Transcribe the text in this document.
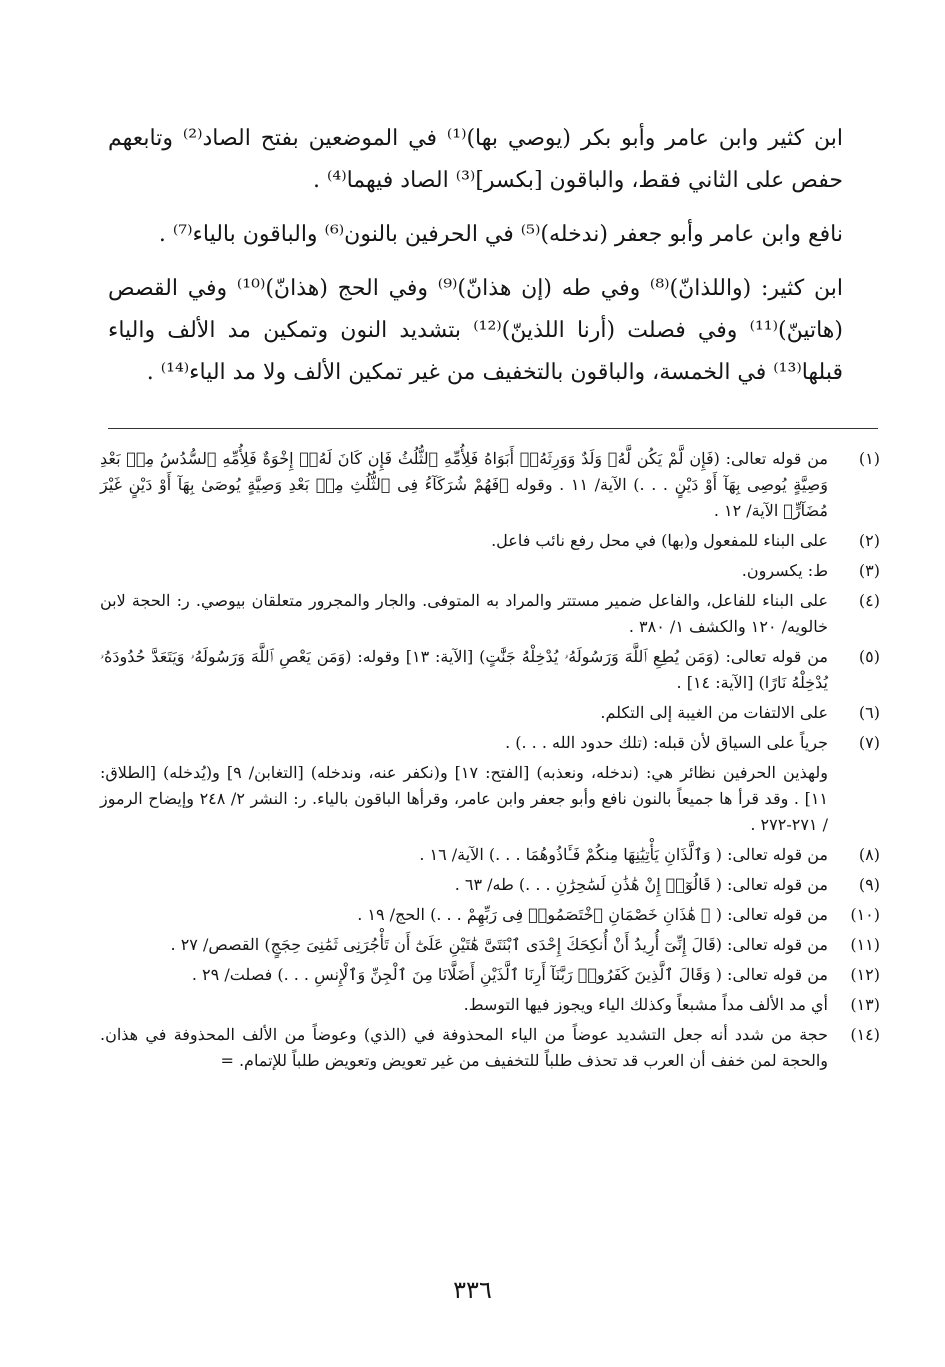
ابن كثير وابن عامر وأبو بكر (يوصي بها)⁽¹⁾ في الموضعين بفتح الصاد⁽²⁾ وتابعهم حفص على الثاني فقط، والباقون [بكسر]⁽³⁾ الصاد فيهما⁽⁴⁾ .

نافع وابن عامر وأبو جعفر (ندخله)⁽⁵⁾ في الحرفين بالنون⁽⁶⁾ والباقون بالياء⁽⁷⁾ .

ابن كثير: (واللذانّ)⁽⁸⁾ وفي طه (إن هذانّ)⁽⁹⁾ وفي الحج (هذانّ)⁽¹⁰⁾ وفي القصص (هاتينّ)⁽¹¹⁾ وفي فصلت (أرنا اللذينّ)⁽¹²⁾ بتشديد النون وتمكين مد الألف والياء قبلها⁽¹³⁾ في الخمسة، والباقون بالتخفيف من غير تمكين الألف ولا مد الياء⁽¹⁴⁾ .

(١)
من قوله تعالى: (فَإِن لَّمْ يَكُن لَّهُۥ وَلَدٌ وَوَرِثَهُۥٓ أَبَوَاهُ فَلِأُمِّهِ ٱلثُّلُثُ فَإِن كَانَ لَهُۥٓ إِخْوَةٌ فَلِأُمِّهِ ٱلسُّدُسُ مِنۢ بَعْدِ وَصِيَّةٍ يُوصِى بِهَآ أَوْ دَيْنٍ . . .) الآية/ ١١ . وقوله ﴿فَهُمْ شُرَكَآءُ فِى ٱلثُّلُثِ مِنۢ بَعْدِ وَصِيَّةٍ يُوصَىٰ بِهَآ أَوْ دَيْنٍ غَيْرَ مُضَآرٍّ﴾ الآية/ ١٢ .
(٢)
على البناء للمفعول و(بها) في محل رفع نائب فاعل.
(٣)
ط: يكسرون.
(٤)
على البناء للفاعل، والفاعل ضمير مستتر والمراد به المتوفى. والجار والمجرور متعلقان بيوصي. ر: الحجة لابن خالويه/ ١٢٠ والكشف ١/ ٣٨٠ .
(٥)
من قوله تعالى: (وَمَن يُطِعِ ٱللَّهَ وَرَسُولَهُۥ يُدْخِلْهُ جَنَّٰتٍ) [الآية: ١٣] وقوله: (وَمَن يَعْصِ ٱللَّهَ وَرَسُولَهُۥ وَيَتَعَدَّ حُدُودَهُۥ يُدْخِلْهُ نَارًا) [الآية: ١٤] .
(٦)
على الالتفات من الغيبة إلى التكلم.
(٧)
جرياً على السياق لأن قبله: (تلك حدود الله . . .) .

ولهذين الحرفين نظائر هي: (ندخله، ونعذبه) [الفتح: ١٧] و(نكفر عنه، وندخله) [التغابن/ ٩] و(يُدخله) [الطلاق: ١١] . وقد قرأ ها جميعاً بالنون نافع وأبو جعفر وابن عامر، وقرأها الباقون بالياء. ر: النشر ٢/ ٢٤٨ وإيضاح الرموز / ٢٧١-٢٧٢ .

(٨)
من قوله تعالى: ( وَٱلَّذَانِ يَأْتِيَٰنِهَا مِنكُمْ فَـَٔاذُوهُمَا . . .) الآية/ ١٦ .
(٩)
من قوله تعالى: ( قَالُوٓا۟ إِنْ هَٰذَٰنِ لَسَٰحِرَٰنِ . . .) طه/ ٦٣ .
(١٠)
من قوله تعالى: ( ۞ هَٰذَانِ خَصْمَانِ ٱخْتَصَمُوا۟ فِى رَبِّهِمْ . . .) الحج/ ١٩ .
(١١)
من قوله تعالى: (قَالَ إِنِّىٓ أُرِيدُ أَنْ أُنكِحَكَ إِحْدَى ٱبْنَتَىَّ هَٰتَيْنِ عَلَىٰٓ أَن تَأْجُرَنِى ثَمَٰنِىَ حِجَجٍ) القصص/ ٢٧ .
(١٢)
من قوله تعالى: ( وَقَالَ ٱلَّذِينَ كَفَرُوا۟ رَبَّنَآ أَرِنَا ٱلَّذَيْنِ أَضَلَّانَا مِنَ ٱلْجِنِّ وَٱلْإِنسِ . . .) فصلت/ ٢٩ .
(١٣)
أي مد الألف مداً مشبعاً وكذلك الياء ويجوز فيها التوسط.
(١٤)
حجة من شدد أنه جعل التشديد عوضاً من الياء المحذوفة في (الذي) وعوضاً من الألف المحذوفة في هذان. والحجة لمن خفف أن العرب قد تحذف طلباً للتخفيف من غير تعويض وتعويض طلباً للإتمام. =
٣٣٦
